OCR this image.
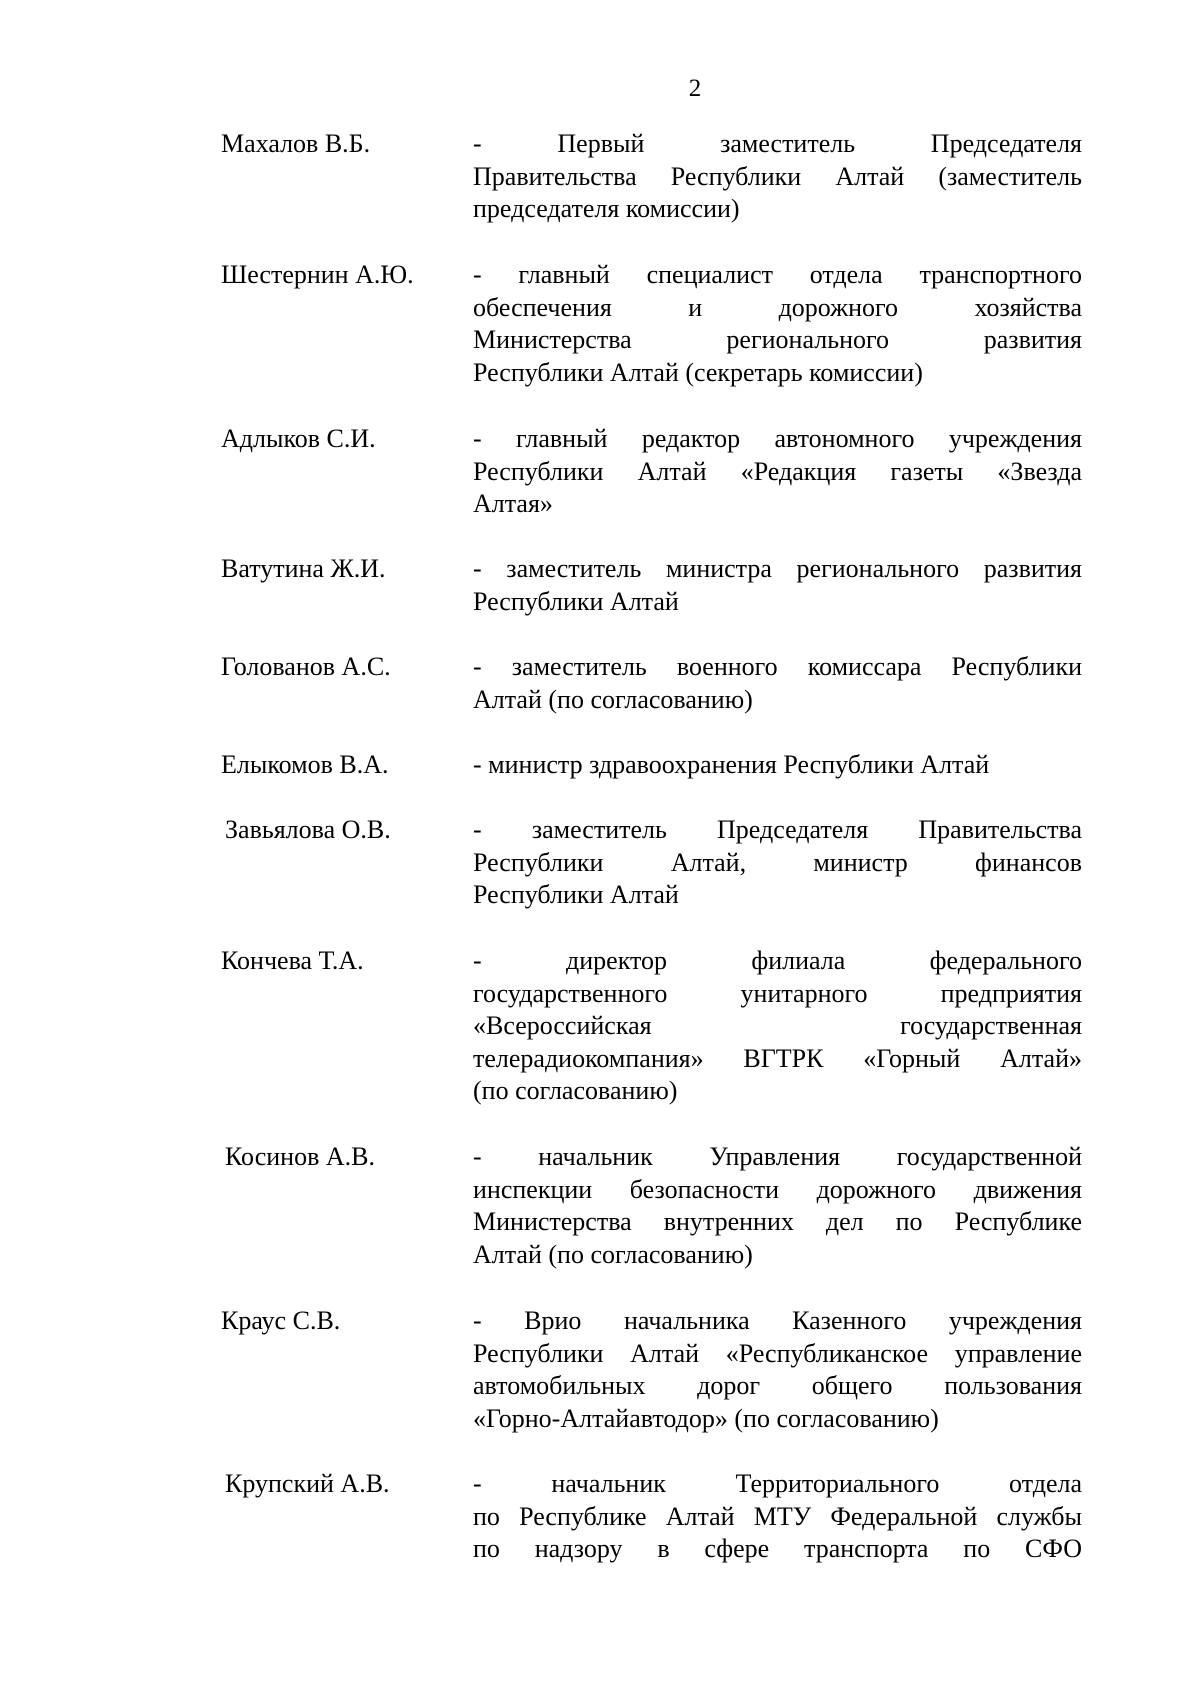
2
Махалов В.Б.	- Первый заместитель Председателя
Правительства Республики Алтай (заместитель
председателя комиссии)
Шестернин А.Ю.	- главный специалист отдела транспортного
обеспечения и дорожного хозяйства
Министерства регионального развития
Республики Алтай (секретарь комиссии)
Адлыков С.И.	- главный редактор автономного учреждения
Республики Алтай «Редакция газеты «Звезда
Алтая»
Ватутина Ж.И.	- заместитель министра регионального развития
Республики Алтай
Голованов А.С.	- заместитель военного комиссара Республики
Алтай (по согласованию)
Елыкомов В.А.	- министр здравоохранения Республики Алтай
Завьялова О.В.	- заместитель Председателя Правительства
Республики Алтай, министр финансов
Республики Алтай
Кончева Т.А.	- директор филиала федерального
государственного унитарного предприятия
«Всероссийская государственная
телерадиокомпания» ВГТРК «Горный Алтай»
(по согласованию)
Косинов А.В.	- начальник Управления государственной
инспекции безопасности дорожного движения
Министерства внутренних дел по Республике
Алтай (по согласованию)
Краус С.В.	- Врио начальника Казенного учреждения
Республики Алтай «Республиканское управление
автомобильных дорог общего пользования
«Горно-Алтайавтодор» (по согласованию)
Крупский А.В.	- начальник Территориального отдела
по Республике Алтай МТУ Федеральной службы
по надзору в сфере транспорта по СФО
